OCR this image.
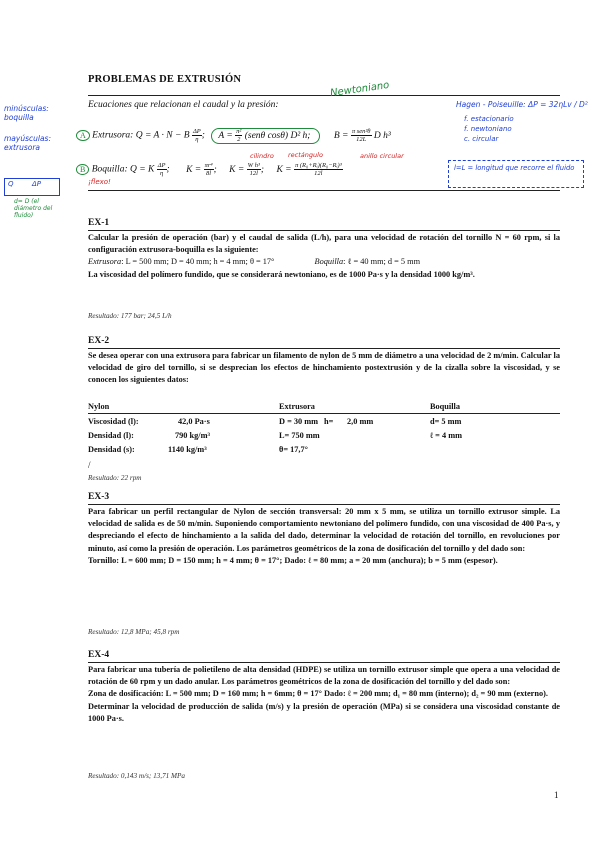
PROBLEMAS DE EXTRUSIÓN
Ecuaciones que relacionan el caudal y la presión:
minúsculas: boquilla
mayúsculas: extrusora
Newtoniano
A Extrusora: Q = A · N − B $\frac{\Delta P}{\eta}$ ; $A = \frac{\text{π²}}{2} (sen\theta$ cosθ) D² h; $B = \frac{\text{π sen²θ}}{12L}$ D h³
Hagen - Poiseuille: ΔP = 32ηLv / D²
f. estacionario
f. newtoniano
c. circular
cilindro rectángulo	anillo circular
B Boquilla: Q = K $\frac{\Delta P}{\eta}$ ; $K = \frac{\text{πr⁴}}{8l}$ ; $K = \frac{\text{W h³}}{12l}$ ; $K = \frac{\text{π (R₀+Rᵢ)(R₀−Rᵢ)³}}{12l}$
¡flexo!
l=L = longitud que recorre el fluido
Q	ΔP
d= D (el diámetro del fluido)
EX-1
Calcular la presión de operación (bar) y el caudal de salida (L/h), para una velocidad de rotación del tornillo N = 60 rpm, si la configuración extrusora-boquilla es la siguiente:
Extrusora: L = 500 mm; D = 40 mm; h = 4 mm; θ = 17°	Boquilla: ℓ = 40 mm; d = 5 mm
La viscosidad del polímero fundido, que se considerará newtoniano, es de 1000 Pa·s y la densidad 1000 kg/m³.
Resultado: 177 bar; 24,5 L/h
EX-2
Se desea operar con una extrusora para fabricar un filamento de nylon de 5 mm de diámetro a una velocidad de 2 m/min. Calcular la velocidad de giro del tornillo, si se desprecian los efectos de hinchamiento postextrusión y de la cizalla sobre la viscosidad, y se conocen los siguientes datos:
Nylon	Extrusora	Boquilla
Viscosidad (l):	42,0 Pa·s	D = 30 mm h= 2,0 mm	d= 5 mm
Densidad (l):	790 kg/m³	L= 750 mm	ℓ = 4 mm
Densidad (s):	1140 kg/m³	θ= 17,7°
/
Resultado: 22 rpm
EX-3
Para fabricar un perfil rectangular de Nylon de sección transversal: 20 mm x 5 mm, se utiliza un tornillo extrusor simple. La velocidad de salida es de 50 m/min. Suponiendo comportamiento newtoniano del polímero fundido, con una viscosidad de 400 Pa·s, y despreciando el efecto de hinchamiento a la salida del dado, determinar la velocidad de rotación del tornillo, en revoluciones por minuto, así como la presión de operación. Los parámetros geométricos de la zona de dosificación del tornillo y del dado son:
Tornillo: L = 600 mm; D = 150 mm; h = 4 mm; θ = 17°; Dado: ℓ = 80 mm; a = 20 mm (anchura); b = 5 mm (espesor).
Resultado: 12,8 MPa; 45,8 rpm
EX-4
Para fabricar una tubería de polietileno de alta densidad (HDPE) se utiliza un tornillo extrusor simple que opera a una velocidad de rotación de 60 rpm y un dado anular. Los parámetros geométricos de la zona de dosificación del tornillo y del dado son:
Zona de dosificación: L = 500 mm; D = 160 mm; h = 6mm; θ = 17° Dado: ℓ = 200 mm; d₁ = 80 mm (interno); d₂ = 90 mm (externo).
Determinar la velocidad de producción de salida (m/s) y la presión de operación (MPa) si se considera una viscosidad constante de 1000 Pa·s.
Resultado: 0,143 m/s; 13,71 MPa
1
